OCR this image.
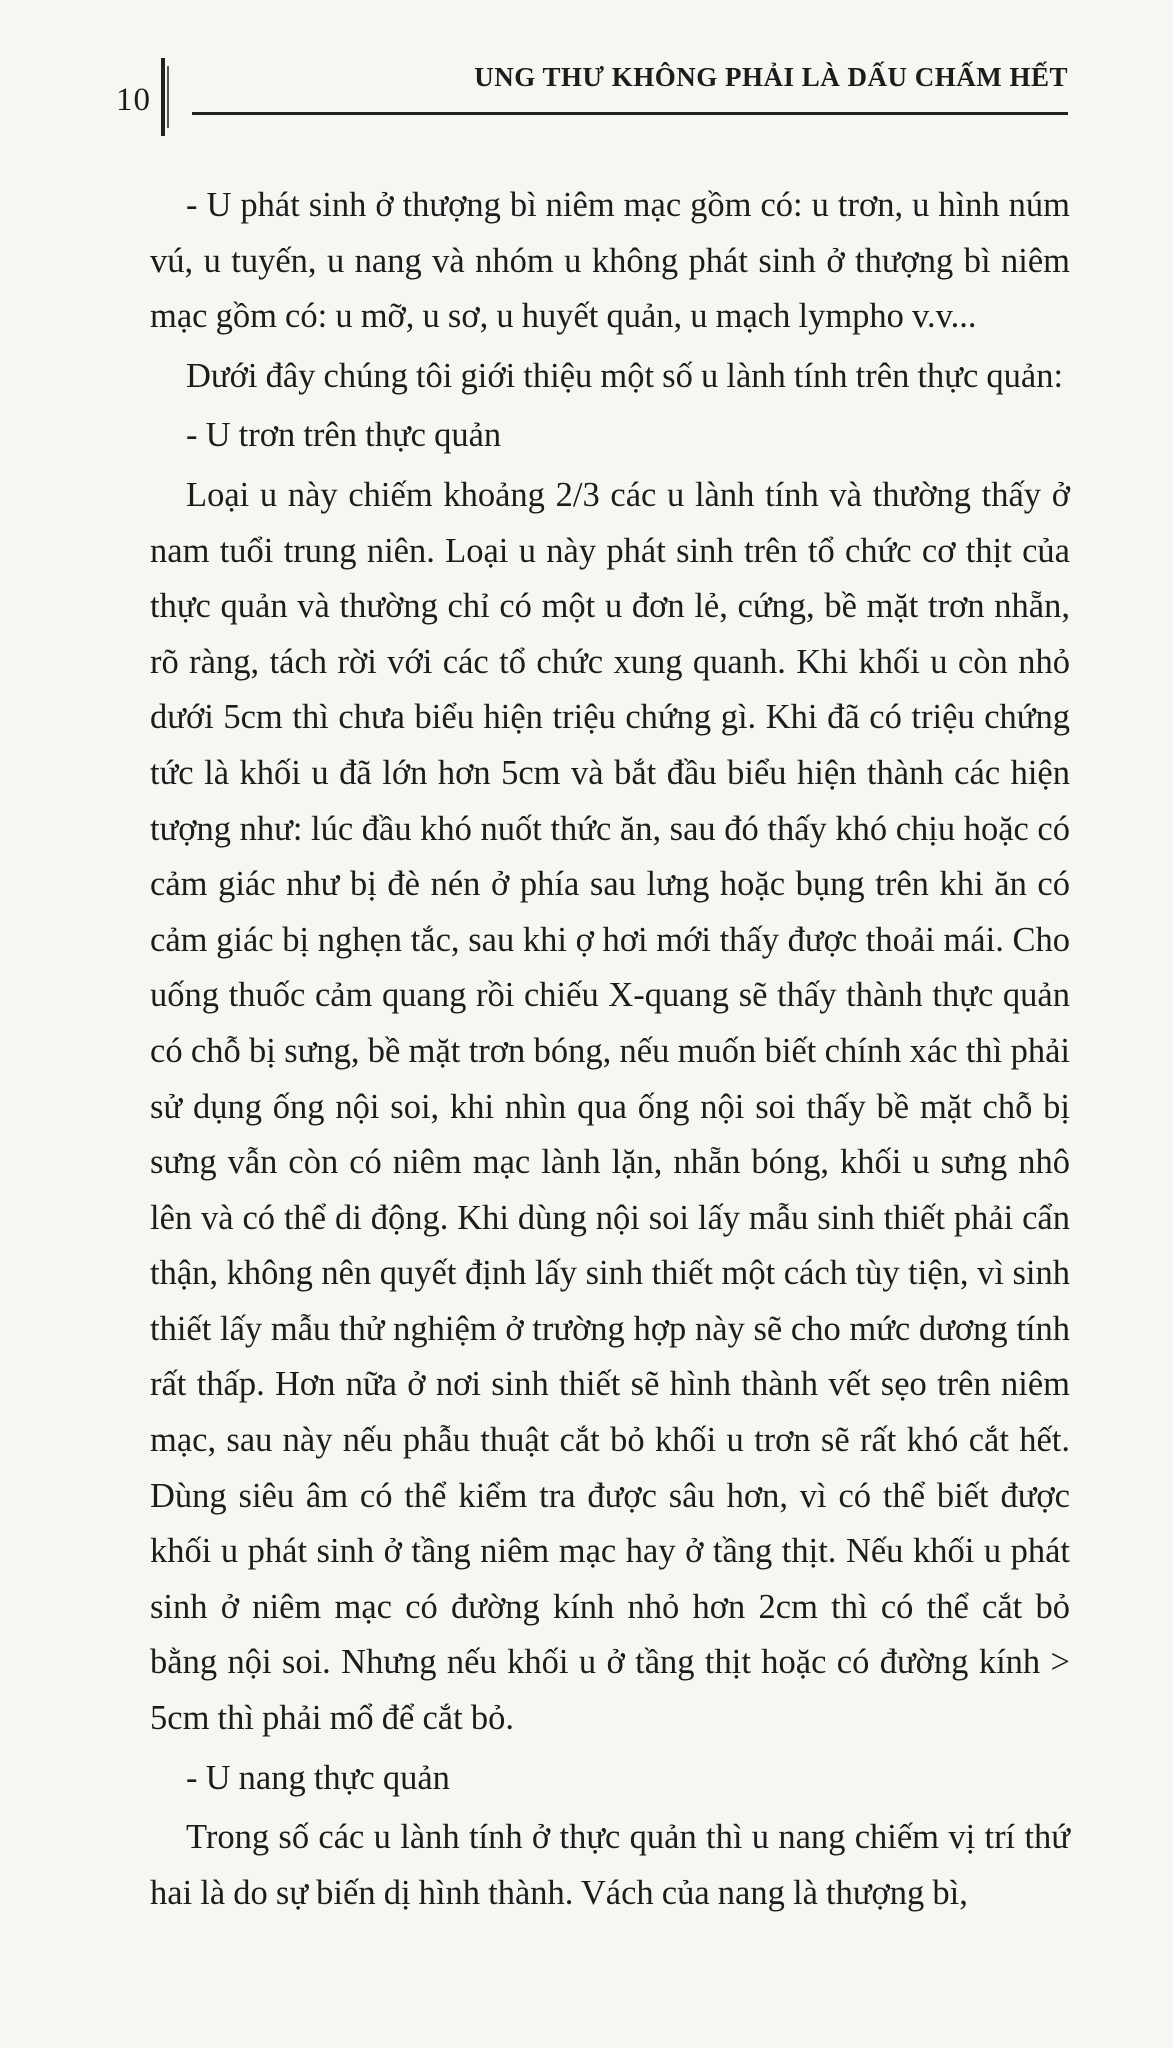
10
UNG THƯ KHÔNG PHẢI LÀ DẤU CHẤM HẾT

- U phát sinh ở thượng bì niêm mạc gồm có: u trơn, u hình núm vú, u tuyến, u nang và nhóm u không phát sinh ở thượng bì niêm mạc gồm có: u mỡ, u sơ, u huyết quản, u mạch lympho v.v...

Dưới đây chúng tôi giới thiệu một số u lành tính trên thực quản:

- U trơn trên thực quản

Loại u này chiếm khoảng 2/3 các u lành tính và thường thấy ở nam tuổi trung niên. Loại u này phát sinh trên tổ chức cơ thịt của thực quản và thường chỉ có một u đơn lẻ, cứng, bề mặt trơn nhẵn, rõ ràng, tách rời với các tổ chức xung quanh. Khi khối u còn nhỏ dưới 5cm thì chưa biểu hiện triệu chứng gì. Khi đã có triệu chứng tức là khối u đã lớn hơn 5cm và bắt đầu biểu hiện thành các hiện tượng như: lúc đầu khó nuốt thức ăn, sau đó thấy khó chịu hoặc có cảm giác như bị đè nén ở phía sau lưng hoặc bụng trên khi ăn có cảm giác bị nghẹn tắc, sau khi ợ hơi mới thấy được thoải mái. Cho uống thuốc cảm quang rồi chiếu X-quang sẽ thấy thành thực quản có chỗ bị sưng, bề mặt trơn bóng, nếu muốn biết chính xác thì phải sử dụng ống nội soi, khi nhìn qua ống nội soi thấy bề mặt chỗ bị sưng vẫn còn có niêm mạc lành lặn, nhẵn bóng, khối u sưng nhô lên và có thể di động. Khi dùng nội soi lấy mẫu sinh thiết phải cẩn thận, không nên quyết định lấy sinh thiết một cách tùy tiện, vì sinh thiết lấy mẫu thử nghiệm ở trường hợp này sẽ cho mức dương tính rất thấp. Hơn nữa ở nơi sinh thiết sẽ hình thành vết sẹo trên niêm mạc, sau này nếu phẫu thuật cắt bỏ khối u trơn sẽ rất khó cắt hết. Dùng siêu âm có thể kiểm tra được sâu hơn, vì có thể biết được khối u phát sinh ở tầng niêm mạc hay ở tầng thịt. Nếu khối u phát sinh ở niêm mạc có đường kính nhỏ hơn 2cm thì có thể cắt bỏ bằng nội soi. Nhưng nếu khối u ở tầng thịt hoặc có đường kính > 5cm thì phải mổ để cắt bỏ.

- U nang thực quản

Trong số các u lành tính ở thực quản thì u nang chiếm vị trí thứ hai là do sự biến dị hình thành. Vách của nang là thượng bì,
